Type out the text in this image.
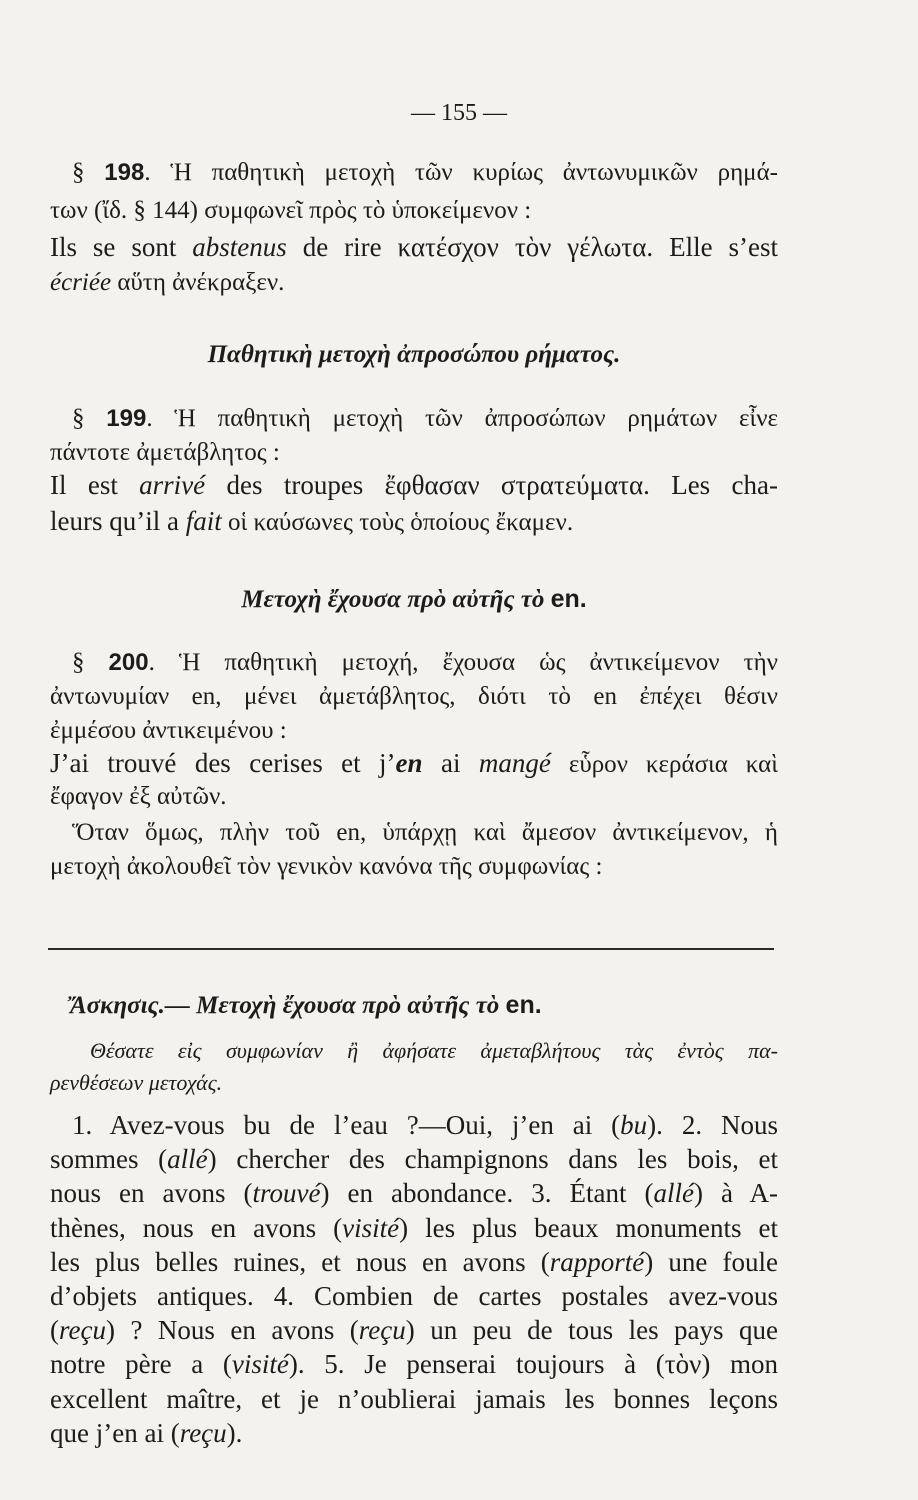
— 155 —
§ 198. Ἡ παθητικὴ μετοχὴ τῶν κυρίως ἀντωνυμικῶν ρημά-
των (ἴδ. § 144) συμφωνεῖ πρὸς τὸ ὑποκείμενον :
Ils se sont abstenus de rire κατέσχον τὸν γέλωτα. Elle s’est
écriée αὕτη ἀνέκραξεν.
Παθητικὴ μετοχὴ ἀπροσώπου ρήματος.
§ 199. Ἡ παθητικὴ μετοχὴ τῶν ἀπροσώπων ρημάτων εἶνε
πάντοτε ἀμετάβλητος :
Il est arrivé des troupes ἔφθασαν στρατεύματα. Les cha-
leurs qu’il a fait οἱ καύσωνες τοὺς ὁποίους ἔκαμεν.
Μετοχὴ ἔχουσα πρὸ αὐτῆς τὸ en.
§ 200. Ἡ παθητικὴ μετοχή, ἔχουσα ὡς ἀντικείμενον τὴν
ἀντωνυμίαν en, μένει ἀμετάβλητος, διότι τὸ en ἐπέχει θέσιν
ἐμμέσου ἀντικειμένου :
J’ai trouvé des cerises et j’en ai mangé εὗρον κεράσια καὶ
ἔφαγον ἐξ αὐτῶν.
Ὅταν ὅμως, πλὴν τοῦ en, ὑπάρχῃ καὶ ἄμεσον ἀντικείμενον, ἡ
μετοχὴ ἀκολουθεῖ τὸν γενικὸν κανόνα τῆς συμφωνίας :
Ἄσκησις.— Μετοχὴ ἔχουσα πρὸ αὐτῆς τὸ en.
Θέσατε εἰς συμφωνίαν ἢ ἀφήσατε ἀμεταβλήτους τὰς ἐντὸς πα-
ρενθέσεων μετοχάς.
1. Avez-vous bu de l’eau ?—Oui, j’en ai (bu). 2. Nous
sommes (allé) chercher des champignons dans les bois, et
nous en avons (trouvé) en abondance. 3. Étant (allé) à A-
thènes, nous en avons (visité) les plus beaux monuments et
les plus belles ruines, et nous en avons (rapporté) une foule
d’objets antiques. 4. Combien de cartes postales avez-vous
(reçu) ? Nous en avons (reçu) un peu de tous les pays que
notre père a (visité). 5. Je penserai toujours à (τὸν) mon
excellent maître, et je n’oublierai jamais les bonnes leçons
que j’en ai (reçu).
